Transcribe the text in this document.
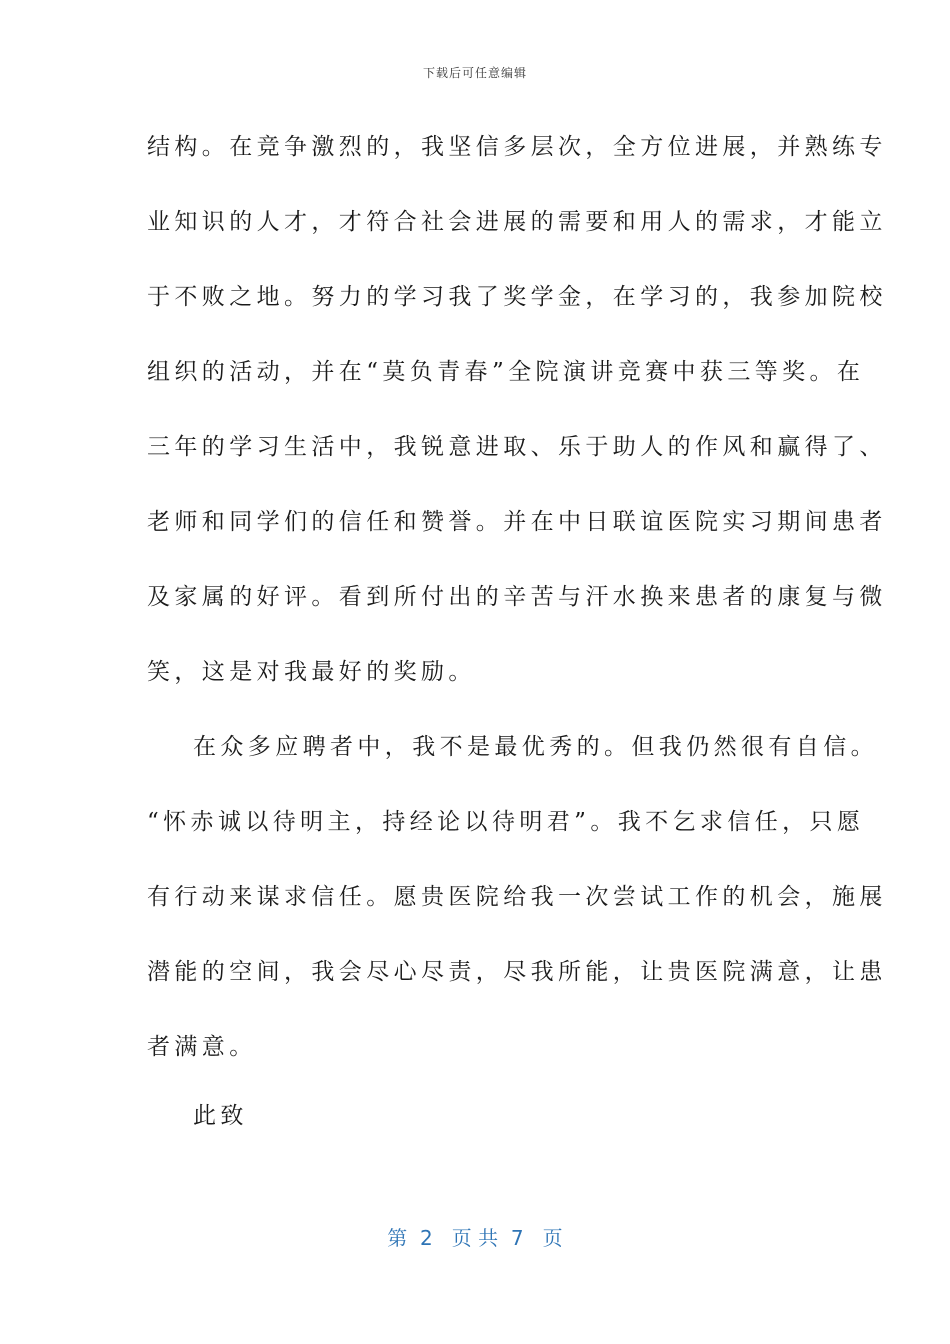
下载后可任意编辑
结构。在竞争激烈的，我坚信多层次，全方位进展，并熟练专
业知识的人才，才符合社会进展的需要和用人的需求，才能立
于不败之地。努力的学习我了奖学金，在学习的，我参加院校
组织的活动，并在“莫负青春”全院演讲竞赛中获三等奖。在
三年的学习生活中，我锐意进取、乐于助人的作风和赢得了、
老师和同学们的信任和赞誉。并在中日联谊医院实习期间患者
及家属的好评。看到所付出的辛苦与汗水换来患者的康复与微
笑，这是对我最好的奖励。
在众多应聘者中，我不是最优秀的。但我仍然很有自信。
“怀赤诚以待明主，持经论以待明君”。我不乞求信任，只愿
有行动来谋求信任。愿贵医院给我一次尝试工作的机会，施展
潜能的空间，我会尽心尽责，尽我所能，让贵医院满意，让患
者满意。
此致
第  2   页 共  7   页
